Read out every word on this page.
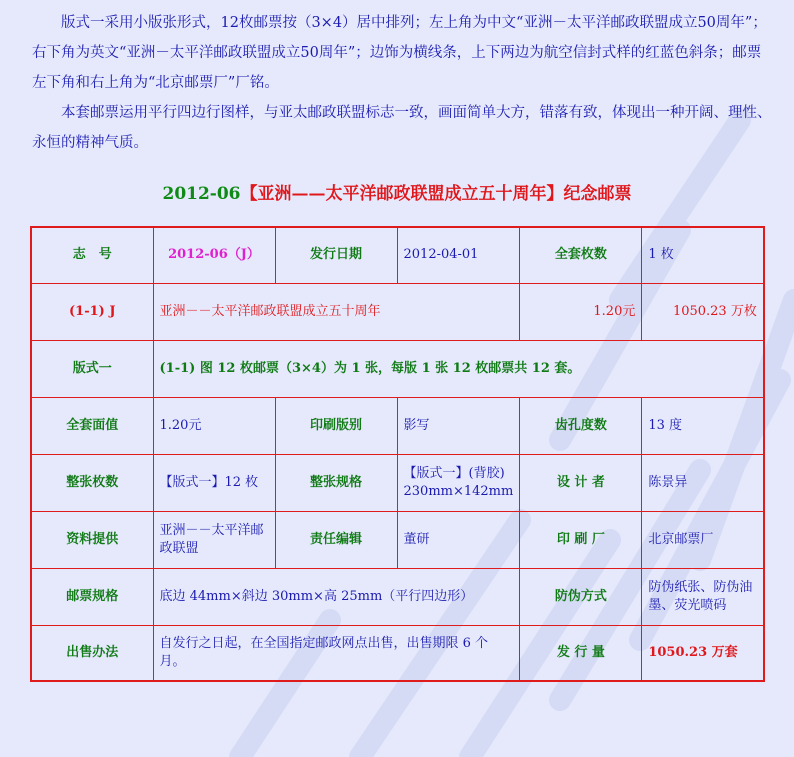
版式一采用小版张形式，12枚邮票按（3×4）居中排列；左上角为中文“亚洲－太平洋邮政联盟成立50周年”；右下角为英文“亚洲－太平洋邮政联盟成立50周年”；边饰为横线条，上下两边为航空信封式样的红蓝色斜条；邮票左下角和右上角为“北京邮票厂”厂铭。

本套邮票运用平行四边行图样，与亚太邮政联盟标志一致，画面简单大方，错落有致，体现出一种开阔、理性、永恒的精神气质。

2012-06【亚洲——太平洋邮政联盟成立五十周年】纪念邮票
志　号	2012-06（J）	发行日期	2012-04-01	全套枚数	1 枚
(1-1) J	亚洲－－太平洋邮政联盟成立五十周年			1.20元	1050.23 万枚
版式一	(1-1) 图 12 枚邮票（3×4）为 1 张，每版 1 张 12 枚邮票共 12 套。				
全套面值	1.20元	印刷版别	影写	齿孔度数	13 度
整张枚数	【版式一】12 枚	整张规格	【版式一】(背胶)
230mm×142mm	设 计 者	陈景异
资料提供	亚洲－－太平洋邮政联盟	责任编辑	董研	印 刷 厂	北京邮票厂
邮票规格	底边 44mm×斜边 30mm×高 25mm（平行四边形）			防伪方式	防伪纸张、防伪油墨、荧光喷码
出售办法	自发行之日起，在全国指定邮政网点出售，出售期限 6 个月。			发 行 量	1050.23 万套
